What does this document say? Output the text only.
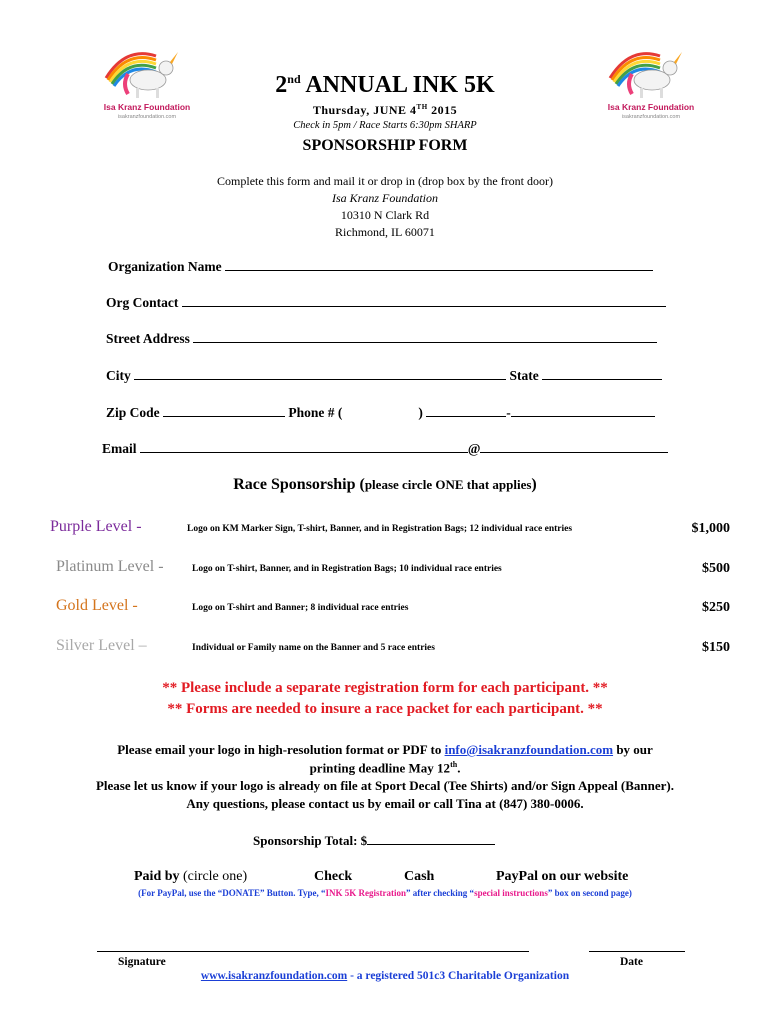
Isa Kranz Foundation
isakranzfoundation.com
Isa Kranz Foundation
isakranzfoundation.com
2nd ANNUAL INK 5K
Thursday, JUNE 4TH 2015
Check in 5pm / Race Starts 6:30pm SHARP
SPONSORSHIP FORM
Complete this form and mail it or drop in (drop box by the front door)
Isa Kranz Foundation
10310 N Clark Rd
Richmond, IL 60071
Organization Name
Org Contact
Street Address
City	State
Zip Code	Phone # (	)	-
Email	@
Race Sponsorship (please circle ONE that applies)
Purple Level -	Logo on KM Marker Sign, T-shirt, Banner, and in Registration Bags; 12 individual race entries	$1,000
Platinum Level -	Logo on T-shirt, Banner, and in Registration Bags; 10 individual race entries	$500
Gold Level -	Logo on T-shirt and Banner; 8 individual race entries	$250
Silver Level –	Individual or Family name on the Banner and 5 race entries	$150
** Please include a separate registration form for each participant. **
** Forms are needed to insure a race packet for each participant. **
Please email your logo in high-resolution format or PDF to info@isakranzfoundation.com by our
printing deadline May 12th.
Please let us know if your logo is already on file at Sport Decal (Tee Shirts) and/or Sign Appeal (Banner).
Any questions, please contact us by email or call Tina at (847) 380-0006.
Sponsorship Total: $
Paid by (circle one)	Check	Cash	PayPal on our website
(For PayPal, use the “DONATE” Button. Type, “INK 5K Registration” after checking “special instructions” box on second page)
Signature	Date
www.isakranzfoundation.com - a registered 501c3 Charitable Organization
